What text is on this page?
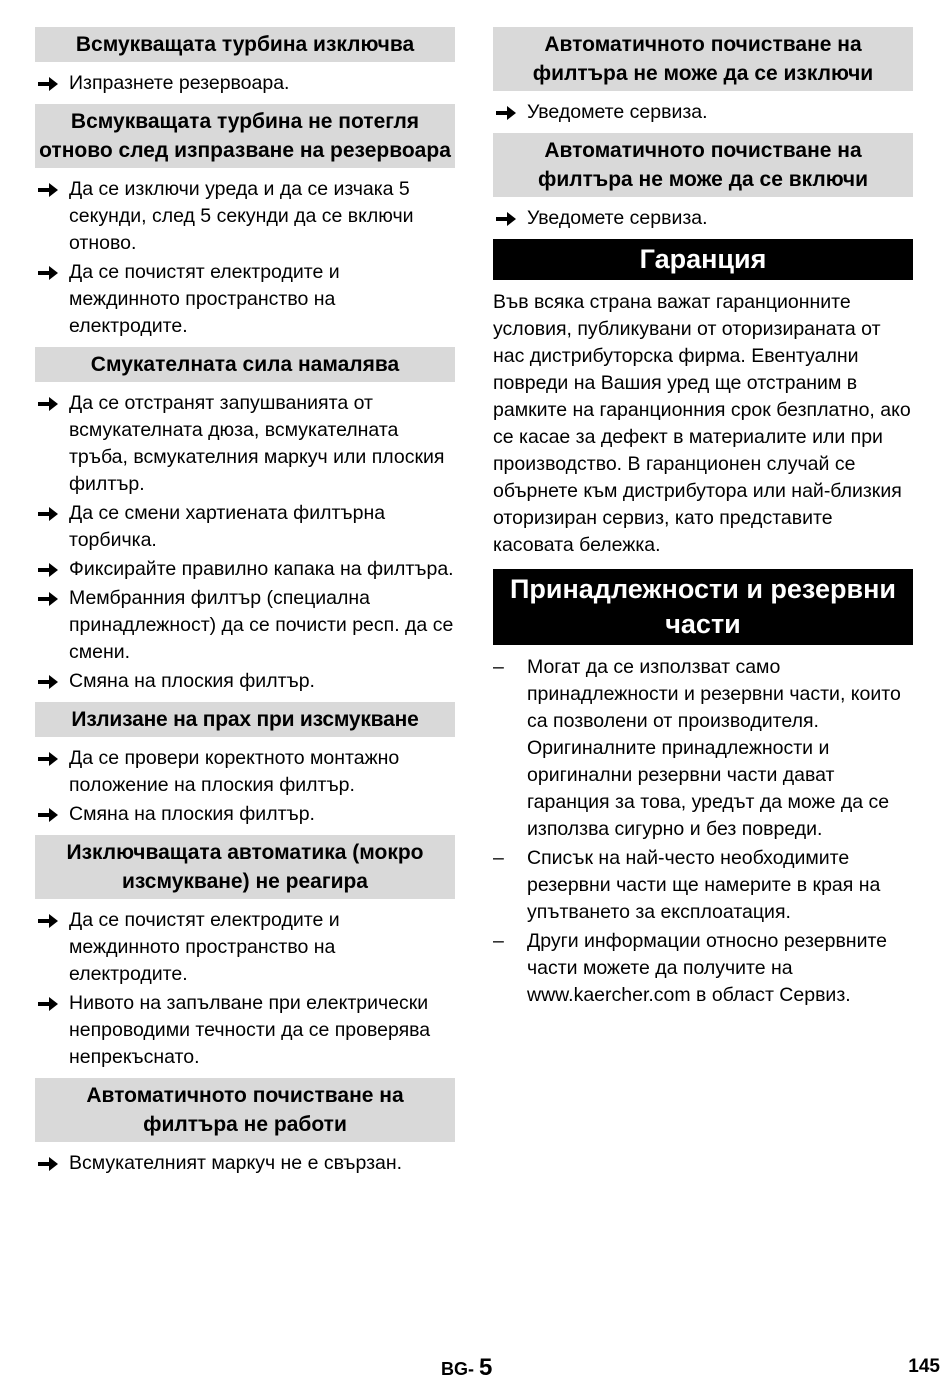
Всмукващата турбина изключва
Изпразнете резервоара.
Всмукващата турбина не потегля отново след изпразване на резервоара
Да се изключи уреда и да се изчака 5 секунди, след 5 секунди да се включи отново.
Да се почистят електродите и междинното пространство на електродите.
Смукателната сила намалява
Да се отстранят запушванията от всмукателната дюза, всмукателната тръба, всмукателния маркуч или плоския филтър.
Да се смени хартиената филтърна торбичка.
Фиксирайте правилно капака на филтъра.
Мембранния филтър (специална принадлежност) да се почисти респ. да се смени.
Смяна на плоския филтър.
Излизане на прах при изсмукване
Да се провери коректното монтажно положение на плоския филтър.
Смяна на плоския филтър.
Изключващата автоматика (мокро изсмукване) не реагира
Да се почистят електродите и междинното пространство на електродите.
Нивото на запълване при електрически непроводими течности да се проверява непрекъснато.
Автоматичното почистване на филтъра не работи
Всмукателният маркуч не е свързан.
Автоматичното почистване на филтъра не може да се изключи
Уведомете сервиза.
Автоматичното почистване на филтъра не може да се включи
Уведомете сервиза.
Гаранция

Във всяка страна важат гаранционните условия, публикувани от оторизираната от нас дистрибуторска фирма. Евентуални повреди на Вашия уред ще отстраним в рамките на гаранционния срок безплатно, ако се касае за дефект в материалите или при производство. В гаранционен случай се обърнете към дистрибутора или най-близкия оторизиран сервиз, като представите касовата бележка.

Принадлежности и резервни части
– Могат да се използват само принадлежности и резервни части, които са позволени от производителя. Оригиналните принадлежности и оригинални резервни части дават гаранция за това, уредът да може да се използва сигурно и без повреди.
– Списък на най-често необходимите резервни части ще намерите в края на упътването за експлоатация.
– Други информации относно резервните части можете да получите на www.kaercher.com в област Сервиз.
BG- 5	145
